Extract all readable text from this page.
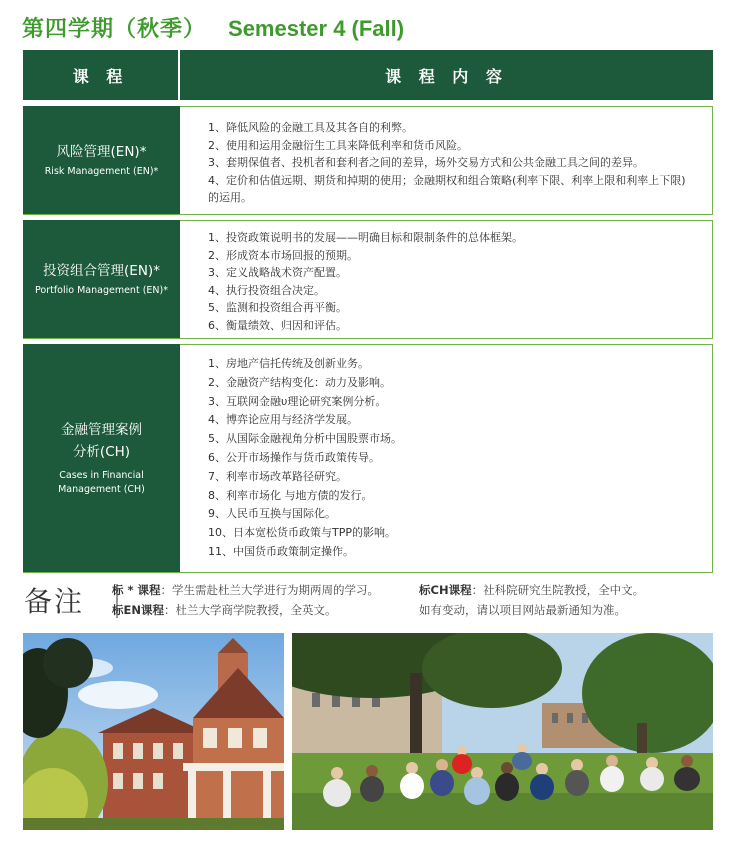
第四学期（秋季） Semester 4 (Fall)
课 程	课 程 内 容
风险管理(EN)*
Risk Management (EN)*
1、降低风险的金融工具及其各自的利弊。
2、使用和运用金融衍生工具来降低利率和货币风险。
3、套期保值者、投机者和套利者之间的差异，场外交易方式和公共金融工具之间的差异。
4、定价和估值远期、期货和掉期的使用；金融期权和组合策略(利率下限、利率上限和利率上下限)的运用。
投资组合管理(EN)*
Portfolio Management (EN)*
1、投资政策说明书的发展——明确目标和限制条件的总体框架。
2、形成资本市场回报的预期。
3、定义战略战术资产配置。
4、执行投资组合决定。
5、监测和投资组合再平衡。
6、衡量绩效、归因和评估。
金融管理案例
分析(CH)
Cases in Financial
Management (CH)
1、房地产信托传统及创新业务。
2、金融资产结构变化：动力及影响。
3、互联网金融υ理论研究案例分析。
4、博弈论应用与经济学发展。
5、从国际金融视角分析中国股票市场。
6、公开市场操作与货币政策传导。
7、利率市场改革路径研究。
8、利率市场化 与地方债的发行。
9、人民币互换与国际化。
10、日本宽松货币政策与TPP的影响。
11、中国货币政策制定操作。
备注 标 * 课程：学生需赴杜兰大学进行为期两周的学习。
标EN课程：杜兰大学商学院教授，全英文。
标CH课程：社科院研究生院教授，全中文。
如有变动，请以项目网站最新通知为准。
